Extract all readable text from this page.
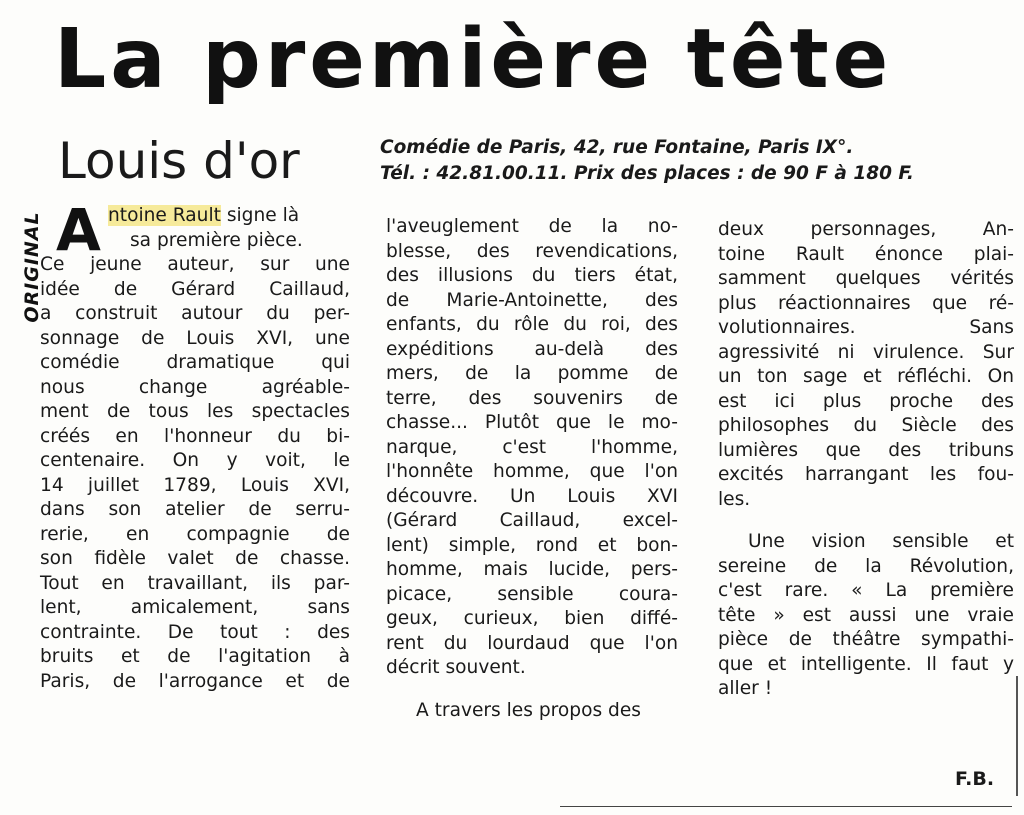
La première tête
Louis d'or	Comédie de Paris, 42, rue Fontaine, Paris IX°.
Tél. : 42.81.00.11. Prix des places : de 90 F à 180 F.
ORIGINAL A ntoine Rault signe là
sa première pièce.
Ce jeune auteur, sur une
idée de Gérard Caillaud,
a construit autour du per-
sonnage de Louis XVI, une
comédie dramatique qui
nous change agréable-
ment de tous les spectacles
créés en l'honneur du bi-
centenaire. On y voit, le
14 juillet 1789, Louis XVI,
dans son atelier de serru-
rerie, en compagnie de
son fidèle valet de chasse.
Tout en travaillant, ils par-
lent, amicalement, sans
contrainte. De tout : des
bruits et de l'agitation à
Paris, de l'arrogance et de
l'aveuglement de la no-
blesse, des revendications,
des illusions du tiers état,
de Marie-Antoinette, des
enfants, du rôle du roi, des
expéditions au-delà des
mers, de la pomme de
terre, des souvenirs de
chasse... Plutôt que le mo-
narque, c'est l'homme,
l'honnête homme, que l'on
découvre. Un Louis XVI
(Gérard Caillaud, excel-
lent) simple, rond et bon-
homme, mais lucide, pers-
picace, sensible coura-
geux, curieux, bien diffé-
rent du lourdaud que l'on
décrit souvent.
A travers les propos des
deux personnages, An-
toine Rault énonce plai-
samment quelques vérités
plus réactionnaires que ré-
volutionnaires. Sans
agressivité ni virulence. Sur
un ton sage et réfléchi. On
est ici plus proche des
philosophes du Siècle des
lumières que des tribuns
excités harrangant les fou-
les.
Une vision sensible et
sereine de la Révolution,
c'est rare. « La première
tête » est aussi une vraie
pièce de théâtre sympathi-
que et intelligente. Il faut y
aller !
F.B.
